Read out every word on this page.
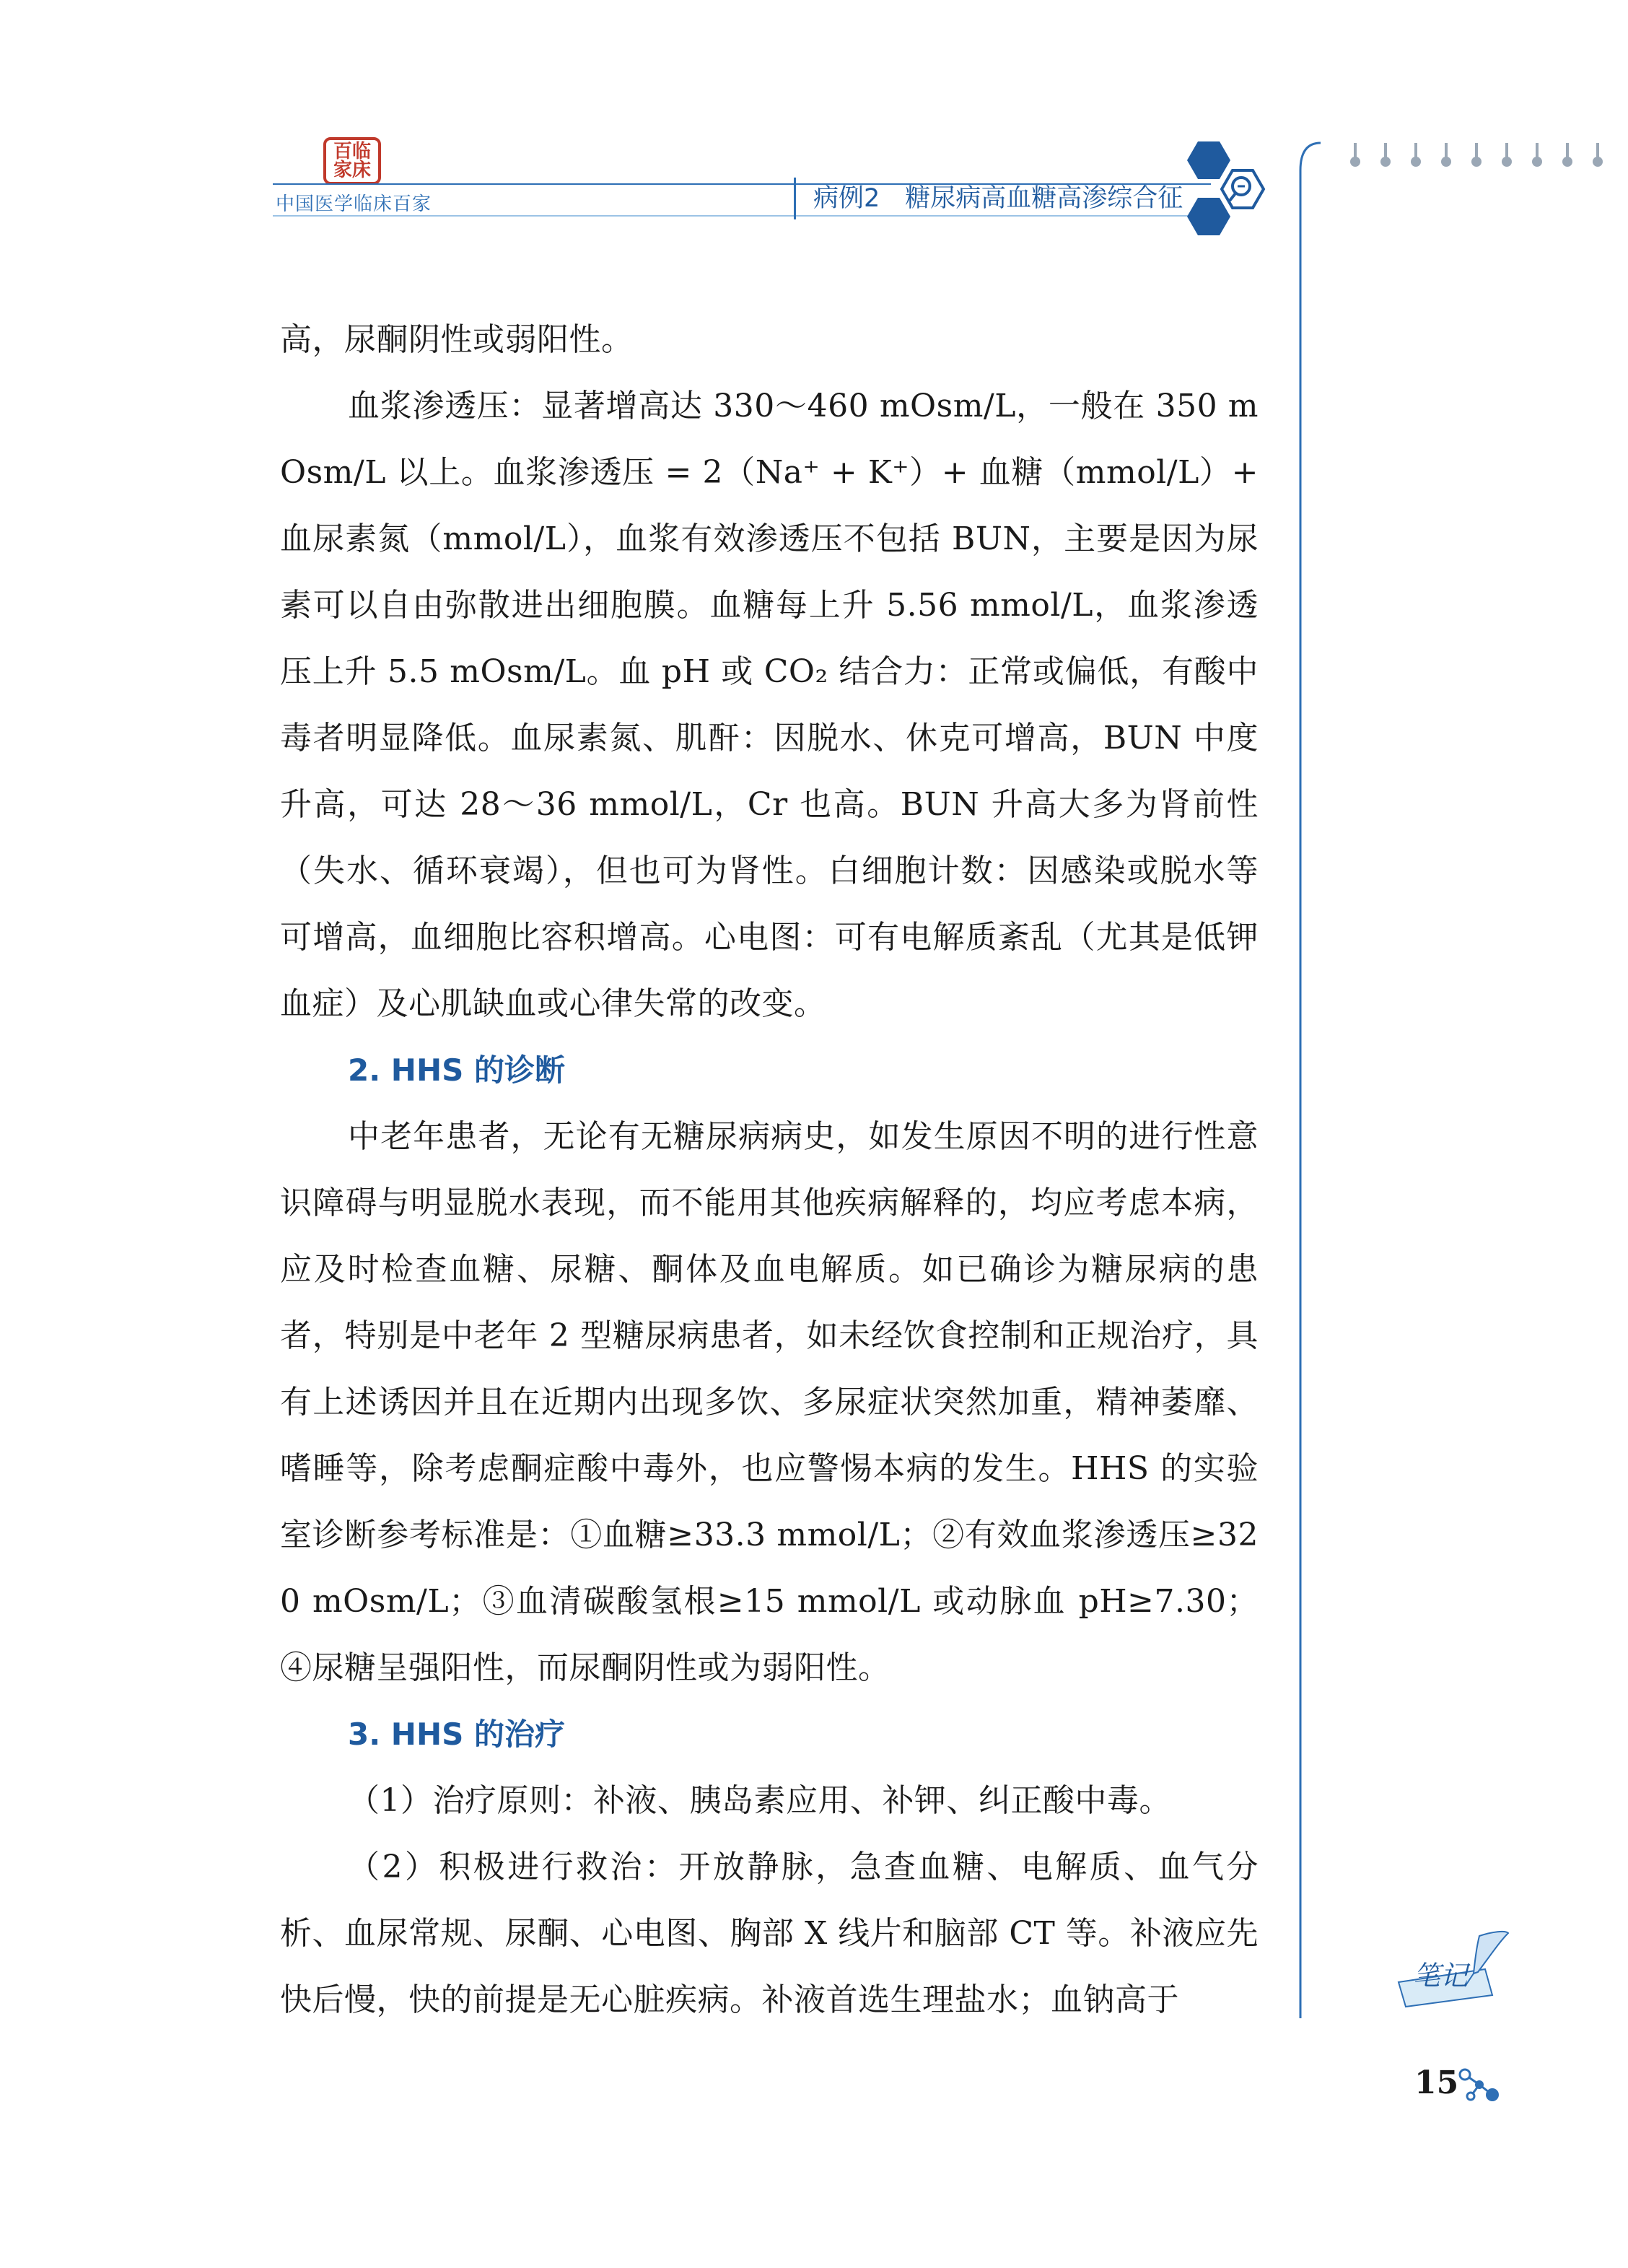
百临
家床
中国医学临床百家	病例2　糖尿病高血糖高渗综合征
笔记

高，尿酮阴性或弱阳性。

血浆渗透压：显著增高达 330～460 mOsm/L，一般在 350 mOsm/L 以上。血浆渗透压 = 2（Na⁺ + K⁺）+ 血糖（mmol/L）+ 血尿素氮（mmol/L），血浆有效渗透压不包括 BUN，主要是因为尿素可以自由弥散进出细胞膜。血糖每上升 5.56 mmol/L，血浆渗透压上升 5.5 mOsm/L。血 pH 或 CO₂ 结合力：正常或偏低，有酸中毒者明显降低。血尿素氮、肌酐：因脱水、休克可增高，BUN 中度升高，可达 28～36 mmol/L，Cr 也高。BUN 升高大多为肾前性（失水、循环衰竭），但也可为肾性。白细胞计数：因感染或脱水等可增高，血细胞比容积增高。心电图：可有电解质紊乱（尤其是低钾血症）及心肌缺血或心律失常的改变。

2. HHS 的诊断

中老年患者，无论有无糖尿病病史，如发生原因不明的进行性意识障碍与明显脱水表现，而不能用其他疾病解释的，均应考虑本病，应及时检查血糖、尿糖、酮体及血电解质。如已确诊为糖尿病的患者，特别是中老年 2 型糖尿病患者，如未经饮食控制和正规治疗，具有上述诱因并且在近期内出现多饮、多尿症状突然加重，精神萎靡、嗜睡等，除考虑酮症酸中毒外，也应警惕本病的发生。HHS 的实验室诊断参考标准是：①血糖≥33.3 mmol/L；②有效血浆渗透压≥320 mOsm/L；③血清碳酸氢根≥15 mmol/L 或动脉血 pH≥7.30；④尿糖呈强阳性，而尿酮阴性或为弱阳性。

3. HHS 的治疗

（1）治疗原则：补液、胰岛素应用、补钾、纠正酸中毒。

（2）积极进行救治：开放静脉，急查血糖、电解质、血气分析、血尿常规、尿酮、心电图、胸部 X 线片和脑部 CT 等。补液应先快后慢，快的前提是无心脏疾病。补液首选生理盐水；血钠高于

15
